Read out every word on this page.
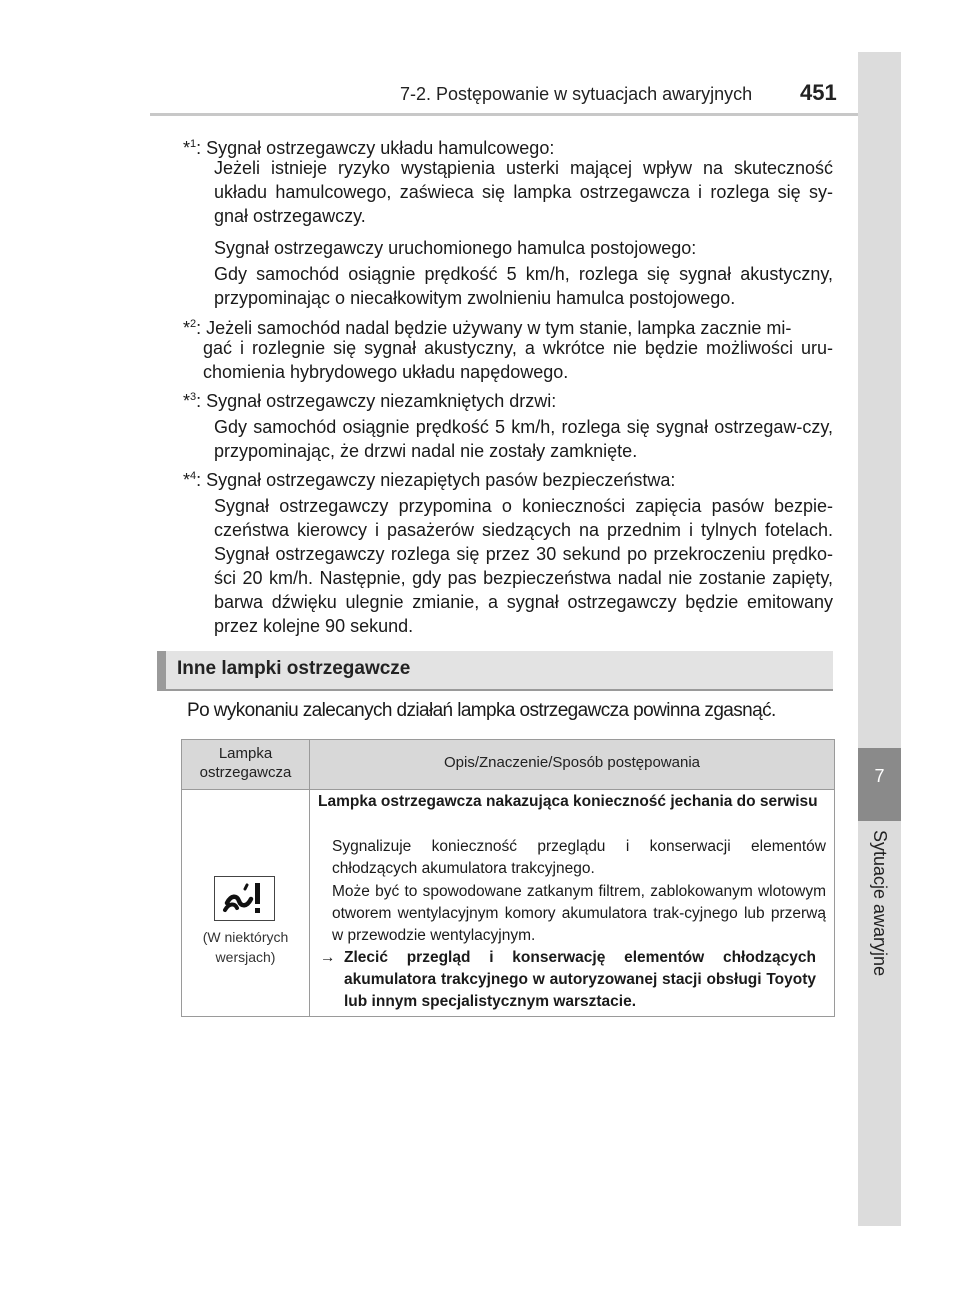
7-2. Postępowanie w sytuacjach awaryjnych 451
7
Sytuacje awaryjne
*$^1$: Sygnał ostrzegawczy układu hamulcowego:
Jeżeli istnieje ryzyko wystąpienia usterki mającej wpływ na skuteczność układu hamulcowego, zaświeca się lampka ostrzegawcza i rozlega się sy-gnał ostrzegawczy.
Sygnał ostrzegawczy uruchomionego hamulca postojowego:
Gdy samochód osiągnie prędkość 5 km/h, rozlega się sygnał akustyczny, przypominając o niecałkowitym zwolnieniu hamulca postojowego.
*$^2$: Jeżeli samochód nadal będzie używany w tym stanie, lampka zacznie mi-
gać i rozlegnie się sygnał akustyczny, a wkrótce nie będzie możliwości uru-chomienia hybrydowego układu napędowego.
*$^3$: Sygnał ostrzegawczy niezamkniętych drzwi:
Gdy samochód osiągnie prędkość 5 km/h, rozlega się sygnał ostrzegaw-czy, przypominając, że drzwi nadal nie zostały zamknięte.
*$^4$: Sygnał ostrzegawczy niezapiętych pasów bezpieczeństwa:
Sygnał ostrzegawczy przypomina o konieczności zapięcia pasów bezpie-czeństwa kierowcy i pasażerów siedzących na przednim i tylnych fotelach. Sygnał ostrzegawczy rozlega się przez 30 sekund po przekroczeniu prędko-ści 20 km/h. Następnie, gdy pas bezpieczeństwa nadal nie zostanie zapięty, barwa dźwięku ulegnie zmianie, a sygnał ostrzegawczy będzie emitowany przez kolejne 90 sekund.
Inne lampki ostrzegawcze
Po wykonaniu zalecanych działań lampka ostrzegawcza powinna zgasnąć.
Lampka ostrzegawcza
Opis/Znaczenie/Sposób postępowania
(W niektórych wersjach)
Lampka ostrzegawcza nakazująca konieczność jechania do serwisu
Sygnalizuje konieczność przeglądu i konserwacji elementów chłodzących akumulatora trakcyjnego.
Może być to spowodowane zatkanym filtrem, zablokowanym wlotowym otworem wentylacyjnym komory akumulatora trak-cyjnego lub przerwą w przewodzie wentylacyjnym.
→ Zlecić przegląd i konserwację elementów chłodzących akumulatora trakcyjnego w autoryzowanej stacji obsługi Toyoty lub innym specjalistycznym warsztacie.
